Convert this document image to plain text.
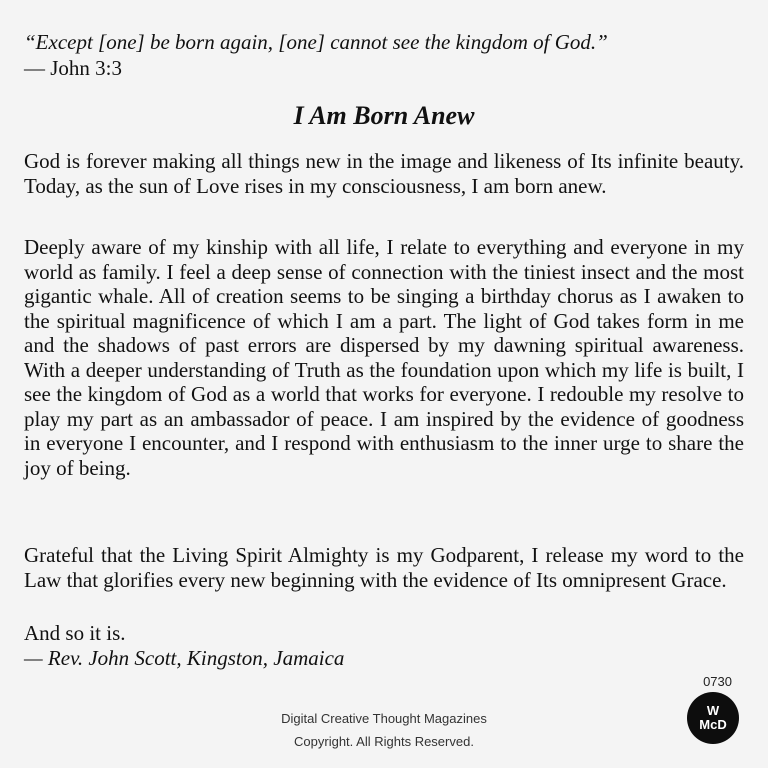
“Except [one] be born again, [one] cannot see the kingdom of God.”

— John 3:3

I Am Born Anew

God is forever making all things new in the image and likeness of Its infinite beauty. Today, as the sun of Love rises in my consciousness, I am born anew.

Deeply aware of my kinship with all life, I relate to everything and everyone in my world as family. I feel a deep sense of connection with the tiniest insect and the most gigantic whale. All of creation seems to be singing a birthday chorus as I awaken to the spiritual magnificence of which I am a part. The light of God takes form in me and the shadows of past errors are dispersed by my dawning spiritual awareness. With a deeper understanding of Truth as the foundation upon which my life is built, I see the kingdom of God as a world that works for everyone. I redouble my resolve to play my part as an ambassador of peace. I am inspired by the evidence of goodness in everyone I encounter, and I respond with enthusiasm to the inner urge to share the joy of being.

Grateful that the Living Spirit Almighty is my Godparent, I release my word to the Law that glorifies every new beginning with the evidence of Its omnipresent Grace.

And so it is.

— Rev. John Scott, Kingston, Jamaica

0730

W
McD

Digital Creative Thought Magazines

Copyright. All Rights Reserved.
